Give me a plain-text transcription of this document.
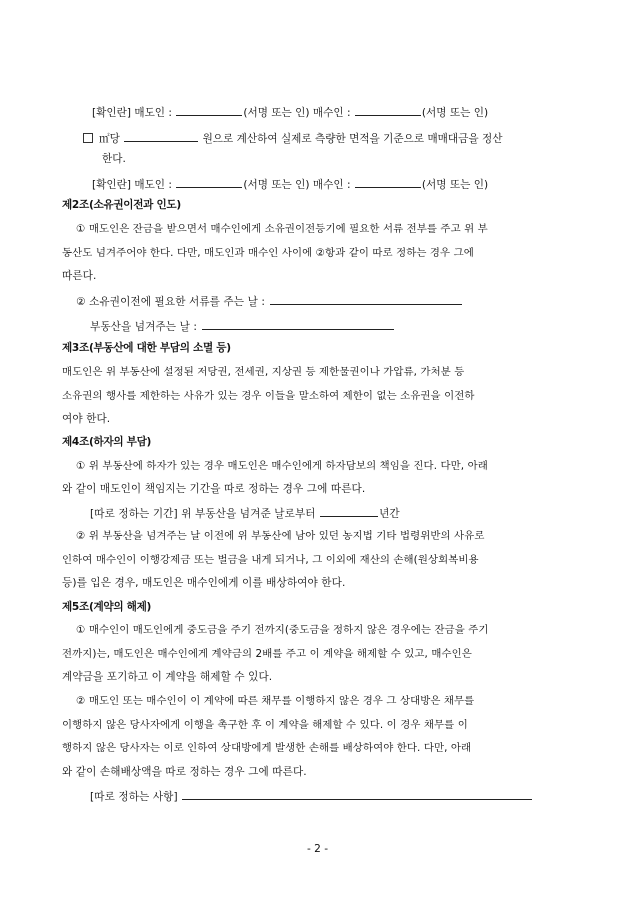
[확인란] 매도인 :	(서명 또는 인) 매수인 :	(서명 또는 인)
㎡당	원으로 계산하여 실제로 측량한 면적을 기준으로 매매대금을 정산
한다.
[확인란] 매도인 :	(서명 또는 인) 매수인 :	(서명 또는 인)
제2조(소유권이전과 인도)
① 매도인은 잔금을 받으면서 매수인에게 소유권이전등기에 필요한 서류 전부를 주고 위 부
동산도 넘겨주어야 한다. 다만, 매도인과 매수인 사이에 ②항과 같이 따로 정하는 경우 그에
따른다.
② 소유권이전에 필요한 서류를 주는 날 :
부동산을 넘겨주는 날 :
제3조(부동산에 대한 부담의 소멸 등)
매도인은 위 부동산에 설정된 저당권, 전세권, 지상권 등 제한물권이나 가압류, 가처분 등
소유권의 행사를 제한하는 사유가 있는 경우 이들을 말소하여 제한이 없는 소유권을 이전하
여야 한다.
제4조(하자의 부담)
① 위 부동산에 하자가 있는 경우 매도인은 매수인에게 하자담보의 책임을 진다. 다만, 아래
와 같이 매도인이 책임지는 기간을 따로 정하는 경우 그에 따른다.
[따로 정하는 기간] 위 부동산을 넘겨준 날로부터	년간
② 위 부동산을 넘겨주는 날 이전에 위 부동산에 남아 있던 농지법 기타 법령위반의 사유로
인하여 매수인이 이행강제금 또는 벌금을 내게 되거나, 그 이외에 재산의 손해(원상회복비용
등)를 입은 경우, 매도인은 매수인에게 이를 배상하여야 한다.
제5조(계약의 해제)
① 매수인이 매도인에게 중도금을 주기 전까지(중도금을 정하지 않은 경우에는 잔금을 주기
전까지)는, 매도인은 매수인에게 계약금의 2배를 주고 이 계약을 해제할 수 있고, 매수인은
계약금을 포기하고 이 계약을 해제할 수 있다.
② 매도인 또는 매수인이 이 계약에 따른 채무를 이행하지 않은 경우 그 상대방은 채무를
이행하지 않은 당사자에게 이행을 촉구한 후 이 계약을 해제할 수 있다. 이 경우 채무를 이
행하지 않은 당사자는 이로 인하여 상대방에게 발생한 손해를 배상하여야 한다. 다만, 아래
와 같이 손해배상액을 따로 정하는 경우 그에 따른다.
[따로 정하는 사항]
- 2 -
